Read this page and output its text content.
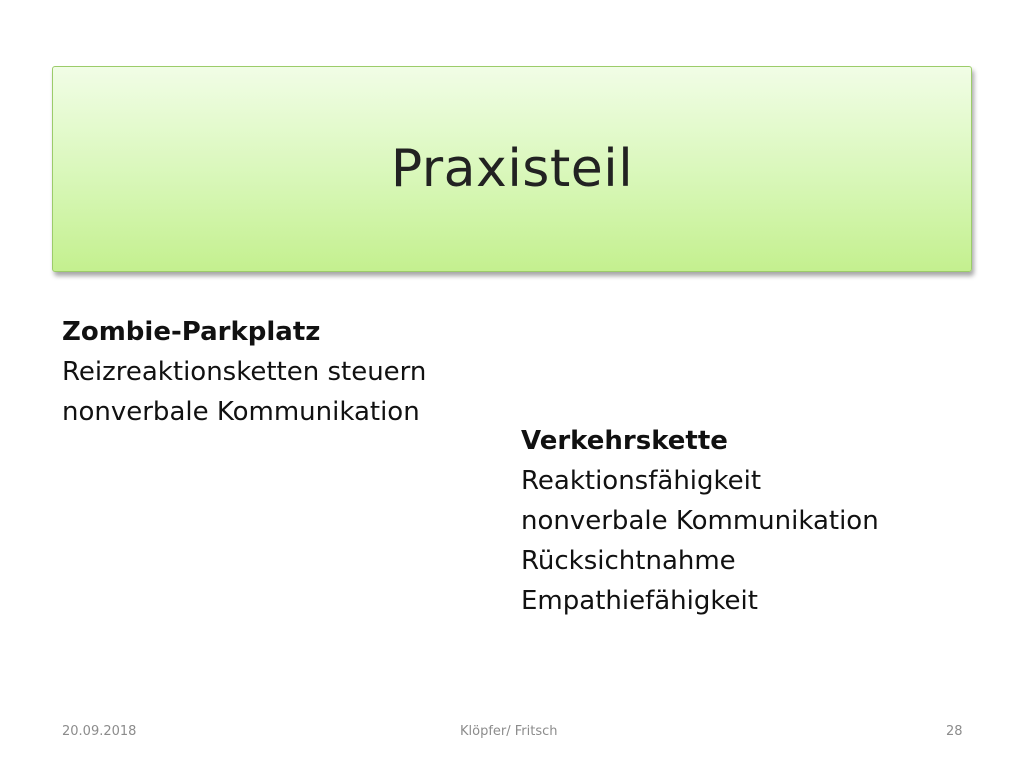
Praxisteil
Zombie-Parkplatz
Reizreaktionsketten steuern
nonverbale Kommunikation
Verkehrskette
Reaktionsfähigkeit
nonverbale Kommunikation
Rücksichtnahme
Empathiefähigkeit
20.09.2018	Klöpfer/ Fritsch	28
